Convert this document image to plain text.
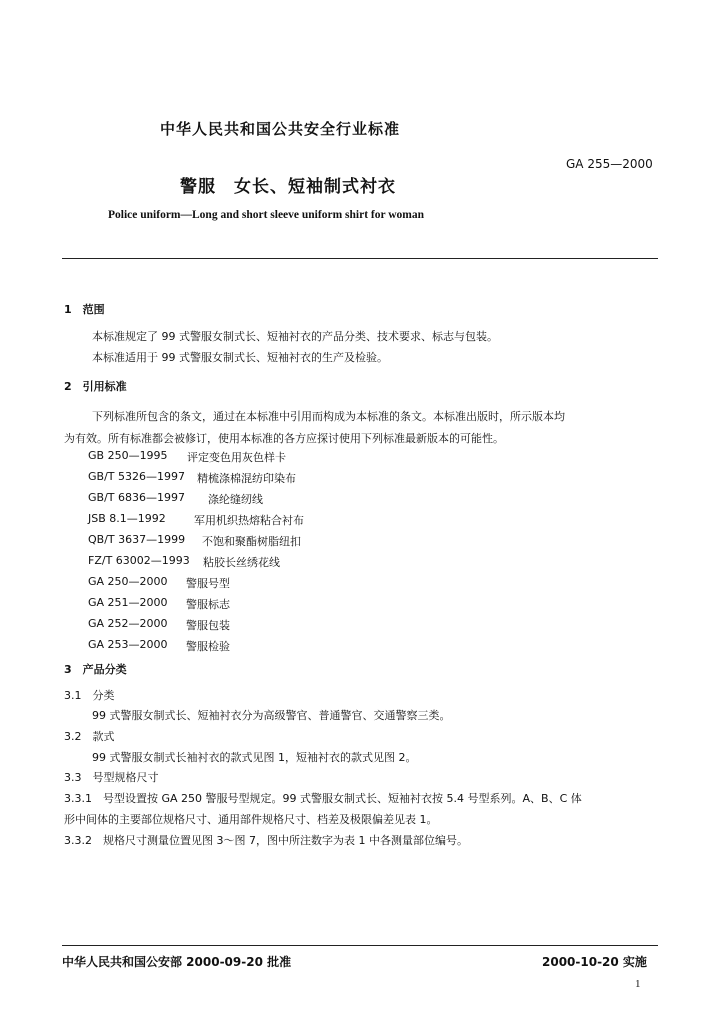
中华人民共和国公共安全行业标准
GA 255—2000
警服　女长、短袖制式衬衣
Police uniform—Long and short sleeve uniform shirt for woman
1　范围
本标准规定了 99 式警服女制式长、短袖衬衣的产品分类、技术要求、标志与包装。
本标准适用于 99 式警服女制式长、短袖衬衣的生产及检验。
2　引用标准
下列标准所包含的条文，通过在本标准中引用而构成为本标准的条文。本标准出版时，所示版本均
为有效。所有标准都会被修订，使用本标准的各方应探讨使用下列标准最新版本的可能性。
GB 250—1995 评定变色用灰色样卡
GB/T 5326—1997 精梳涤棉混纺印染布
GB/T 6836—1997 涤纶缝纫线
JSB 8.1—1992	军用机织热熔粘合衬布
QB/T 3637—1999 不饱和聚酯树脂纽扣
FZ/T 63002—1993 粘胶长丝绣花线
GA 250—2000 警服号型
GA 251—2000 警服标志
GA 252—2000 警服包装
GA 253—2000 警服检验
3　产品分类
3.1　分类
99 式警服女制式长、短袖衬衣分为高级警官、普通警官、交通警察三类。
3.2　款式
99 式警服女制式长袖衬衣的款式见图 1，短袖衬衣的款式见图 2。
3.3　号型规格尺寸
3.3.1　号型设置按 GA 250 警服号型规定。99 式警服女制式长、短袖衬衣按 5.4 号型系列。A、B、C 体
形中间体的主要部位规格尺寸、通用部件规格尺寸、档差及极限偏差见表 1。
3.3.2　规格尺寸测量位置见图 3～图 7，图中所注数字为表 1 中各测量部位编号。
中华人民共和国公安部 2000-09-20 批准	2000-10-20 实施
1
